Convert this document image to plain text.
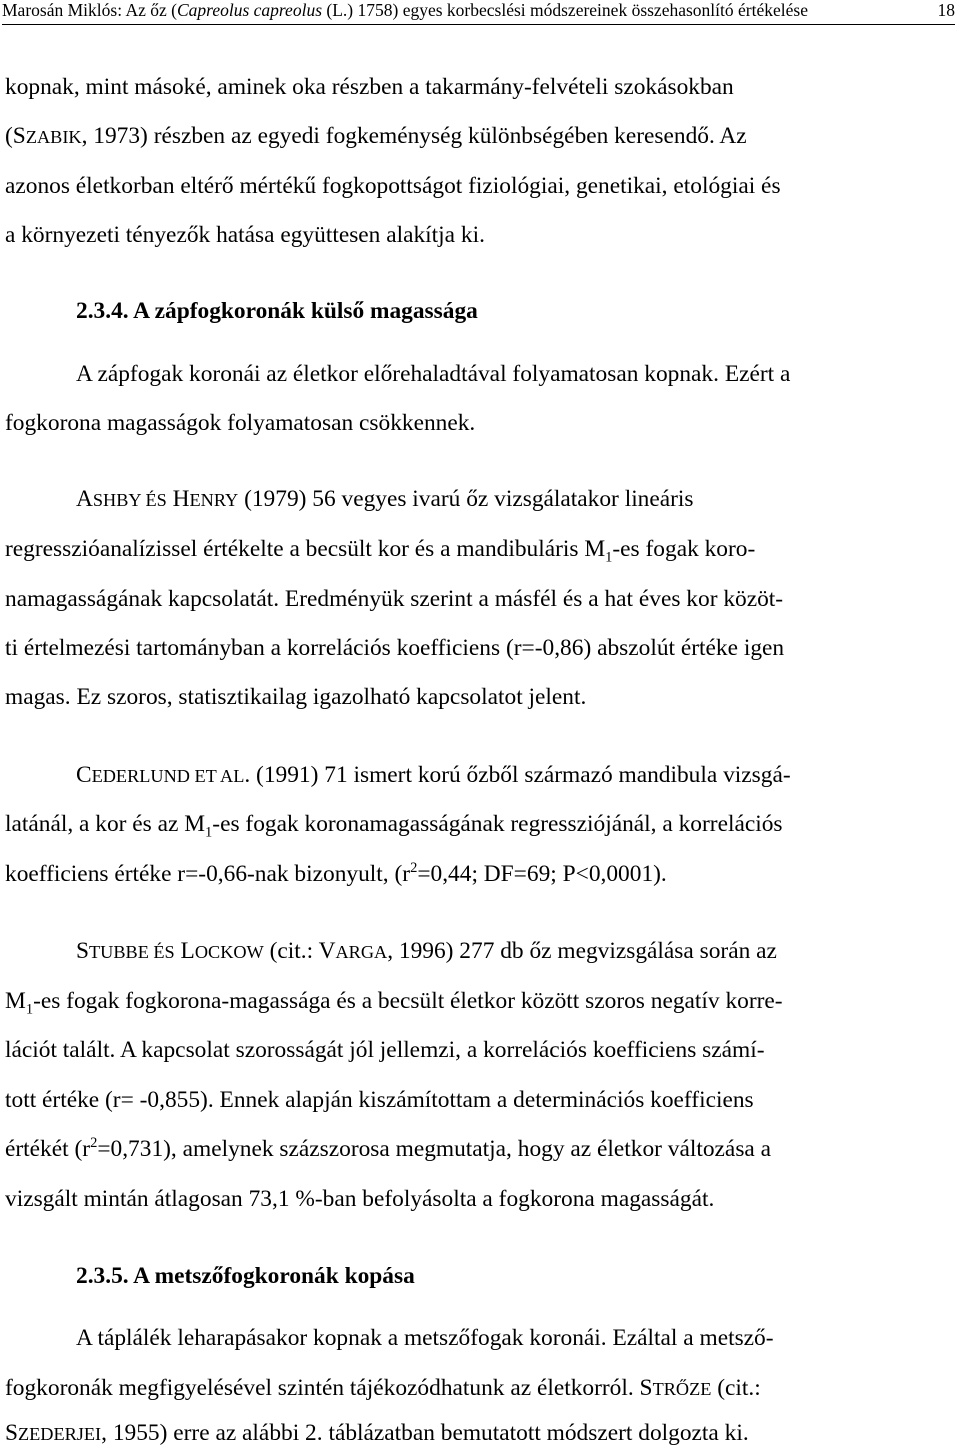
Marosán Miklós: Az őz (Capreolus capreolus (L.) 1758) egyes korbecslési módszereinek összehasonlító értékelése	18
kopnak, mint másoké, aminek oka részben a takarmány-felvételi szokásokban
(SZABIK, 1973) részben az egyedi fogkeménység különbségében keresendő. Az
azonos életkorban eltérő mértékű fogkopottságot fiziológiai, genetikai, etológiai és
a környezeti tényezők hatása együttesen alakítja ki.
2.3.4. A zápfogkoronák külső magassága
A zápfogak koronái az életkor előrehaladtával folyamatosan kopnak. Ezért a
fogkorona magasságok folyamatosan csökkennek.
ASHBY ÉS HENRY (1979) 56 vegyes ivarú őz vizsgálatakor lineáris
regresszióanalízissel értékelte a becsült kor és a mandibuláris $M_1-es$ fogak koro-
namagasságának kapcsolatát. Eredményük szerint a másfél és a hat éves kor közöt-
ti értelmezési tartományban a korrelációs koefficiens (r=-0,86) abszolút értéke igen
magas. Ez szoros, statisztikailag igazolható kapcsolatot jelent.
CEDERLUND ET AL. (1991) 71 ismert korú őzből származó mandibula vizsgá-
latánál, a kor és az $M_1-es$ fogak koronamagasságának regressziójánál, a korrelációs
koefficiens értéke r=-0,66-nak bizonyult, ($r^2=0,44$; DF=69; P<0,0001).
STUBBE ÉS LOCKOW (cit.: VARGA, 1996) 277 db őz megvizsgálása során az
$M_1-es$ fogak fogkorona-magassága és a becsült életkor között szoros negatív korre-
lációt talált. A kapcsolat szorosságát jól jellemzi, a korrelációs koefficiens számí-
tott értéke (r= -0,855). Ennek alapján kiszámítottam a determinációs koefficiens
értékét $(r^2=0,731)$, amelynek százszorosa megmutatja, hogy az életkor változása a
vizsgált mintán átlagosan 73,1 %-ban befolyásolta a fogkorona magasságát.
2.3.5. A metszőfogkoronák kopása
A táplálék leharapásakor kopnak a metszőfogak koronái. Ezáltal a metsző-
fogkoronák megfigyelésével szintén tájékozódhatunk az életkorról. STRŐZE (cit.:
SZEDERJEI, 1955) erre az alábbi 2. táblázatban bemutatott módszert dolgozta ki.
